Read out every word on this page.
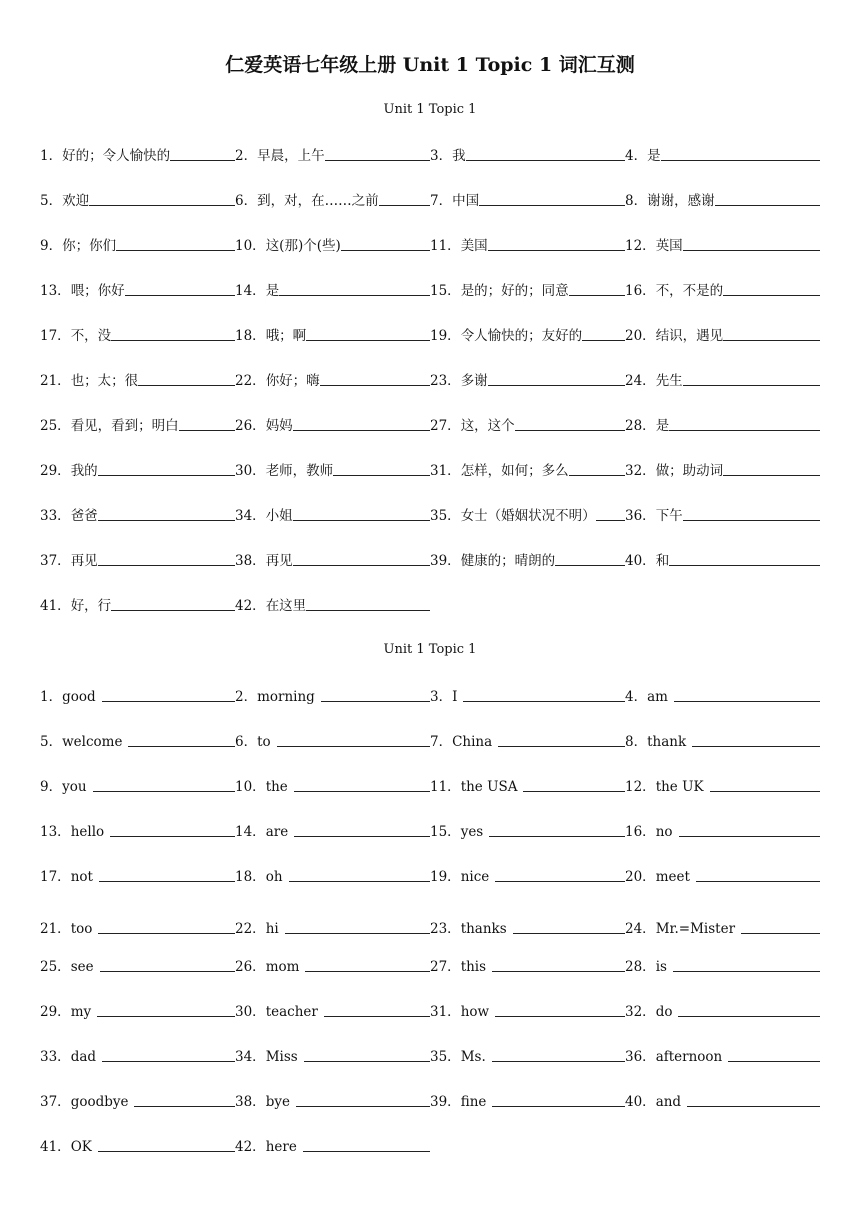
仁爱英语七年级上册 Unit 1 Topic 1 词汇互测
Unit 1 Topic 1
1． 好的；令人愉快的	2． 早晨，上午	3． 我	4． 是
5． 欢迎	6． 到，对，在……之前	7． 中国	8． 谢谢，感谢
9． 你；你们	10． 这(那)个(些)	11． 美国	12． 英国
13． 喂；你好	14． 是	15． 是的；好的；同意	16． 不，不是的
17． 不，没	18． 哦；啊	19． 令人愉快的；友好的	20． 结识，遇见
21． 也；太；很	22． 你好；嗨	23． 多谢	24． 先生
25． 看见，看到；明白	26． 妈妈	27． 这，这个	28． 是
29． 我的	30． 老师，教师	31． 怎样，如何；多么	32． 做；助动词
33． 爸爸	34． 小姐	35． 女士（婚姻状况不明） 36． 下午
37． 再见	38． 再见	39． 健康的；晴朗的	40． 和
41． 好，行	42． 在这里
Unit 1 Topic 1
1． good	2． morning	3． I	4． am
5． welcome	6． to	7． China	8． thank
9． you	10． the	11． the USA	12． the UK
13． hello	14． are	15． yes	16． no
17． not	18． oh	19． nice	20． meet
21． too	22． hi	23． thanks	24． Mr.=Mister
25． see	26． mom	27． this	28． is
29． my	30． teacher	31． how	32． do
33． dad	34． Miss	35． Ms.	36． afternoon
37． goodbye	38． bye	39． fine	40． and
41． OK	42． here
